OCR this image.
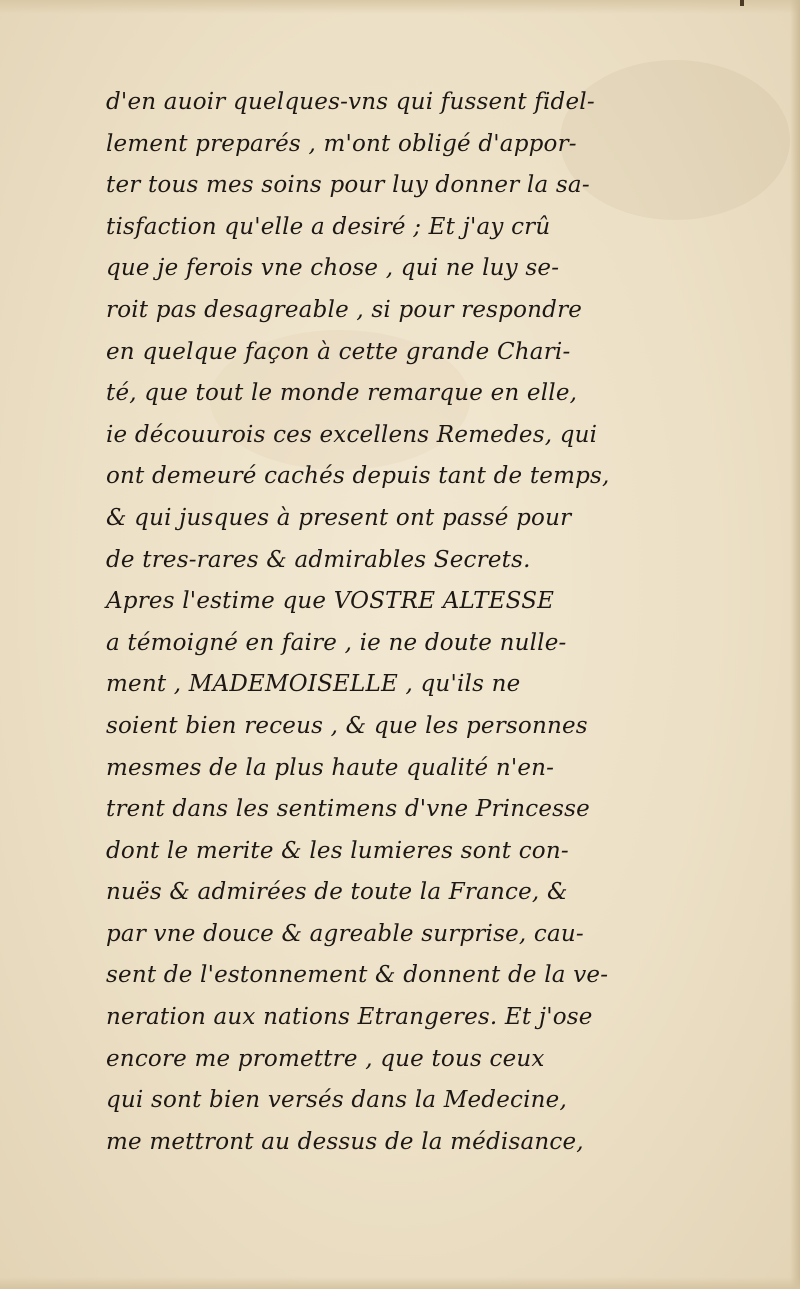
d'en auoir quelques-vns qui fussent fidel-
lement preparés , m'ont obligé d'appor-
ter tous mes soins pour luy donner la sa-
tisfaction qu'elle a desiré ; Et j'ay crû
que je ferois vne chose , qui ne luy se-
roit pas desagreable , si pour respondre
en quelque façon à cette grande Chari-
té, que tout le monde remarque en elle,
ie découurois ces excellens Remedes, qui
ont demeuré cachés depuis tant de temps,
& qui jusques à present ont passé pour
de tres-rares & admirables Secrets.
Apres l'estime que VOSTRE ALTESSE
a témoigné en faire , ie ne doute nulle-
ment , MADEMOISELLE , qu'ils ne
soient bien receus , & que les personnes
mesmes de la plus haute qualité n'en-
trent dans les sentimens d'vne Princesse
dont le merite & les lumieres sont con-
nuës & admirées de toute la France, &
par vne douce & agreable surprise, cau-
sent de l'estonnement & donnent de la ve-
neration aux nations Etrangeres. Et j'ose
encore me promettre , que tous ceux
qui sont bien versés dans la Medecine,
me mettront au dessus de la médisance,
